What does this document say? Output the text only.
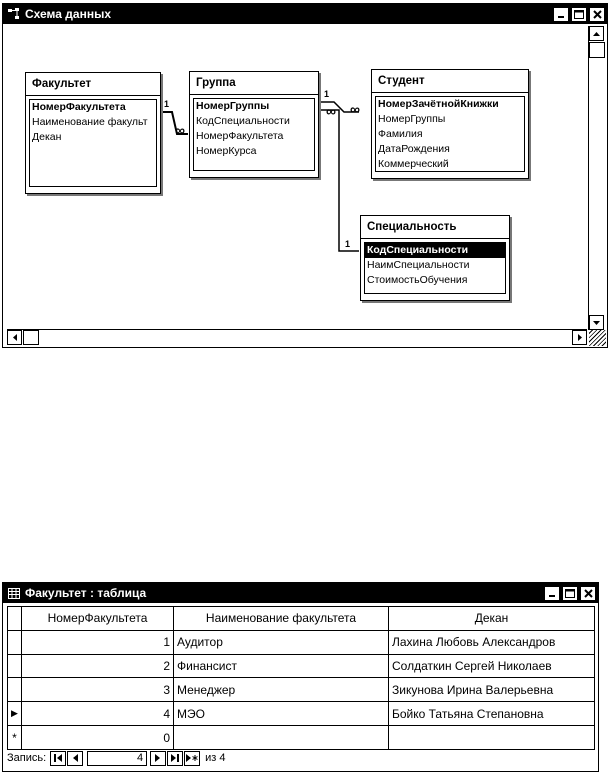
Схема данных
1
∞
1
∞
∞
1
Факультет
НомерФакультета
Наименование факульт
Декан
Группа
НомерГруппы
КодСпециальности
НомерФакультета
НомерКурса
Студент
НомерЗачётнойКнижки
НомерГруппы
Фамилия
ДатаРождения
Коммерческий
Специальность
КодСпециальности
НаимСпециальности
СтоимостьОбучения
Факультет : таблица
	НомерФакультета	Наименование факультета	Декан
	1	Аудитор	Лахина Любовь Александров
	2	Финансист	Солдаткин Сергей Николаев
	3	Менеджер	Зикунова Ирина Валерьевна
▶	4	МЭО	Бойко Татьяна Степановна
*	0		
Запись:	4	из 4
